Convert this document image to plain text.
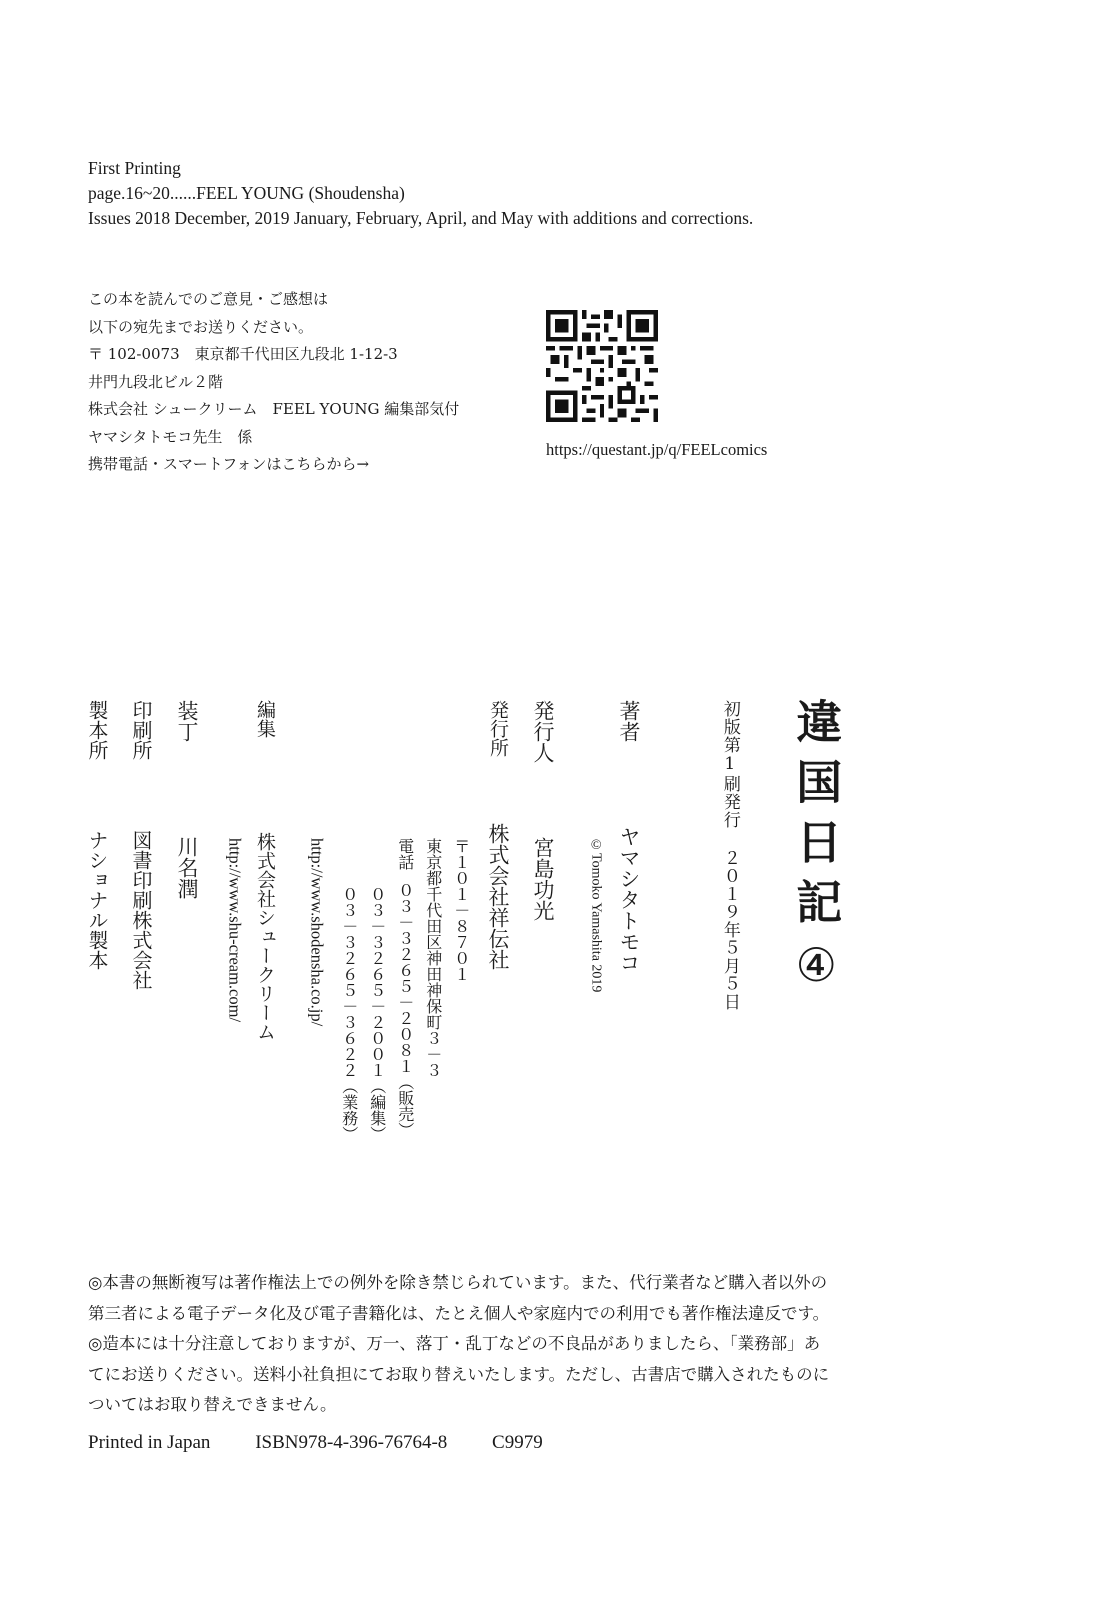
First Printing
page.16~20......FEEL YOUNG (Shoudensha)
Issues 2018 December, 2019 January, February, April, and May with additions and corrections.
この本を読んでのご意見・ご感想は
以下の宛先までお送りください。
〒 102-0073　東京都千代田区九段北 1-12-3
井門九段北ビル２階
株式会社 シュークリーム　FEEL YOUNG 編集部気付
ヤマシタトモコ先生　係
携帯電話・スマートフォンはこちらから→
https://questant.jp/q/FEELcomics
違国日記④
初版第1刷発行２０１９年５月５日
著者ヤマシタトモコ
©Tomoko Yamashita 2019
発行人宮島功光
発行所株式会社祥伝社
〒１０１－８７０１
東京都千代田区神田神保町３－３
電話０３－３２６５－２０８１（販売）
０３－３２６５－２００１（編集）
０３－３２６５－３６２２（業務）
http://www.shodensha.co.jp/
編集株式会社シュークリーム
http://www.shu-cream.com/
装丁川名潤
印刷所図書印刷株式会社
製本所ナショナル製本
◎本書の無断複写は著作権法上での例外を除き禁じられています。また、代行業者など購入者以外の
第三者による電子データ化及び電子書籍化は、たとえ個人や家庭内での利用でも著作権法違反です。
◎造本には十分注意しておりますが、万一、落丁・乱丁などの不良品がありましたら、「業務部」あ
てにお送りください。送料小社負担にてお取り替えいたします。ただし、古書店で購入されたものに
ついてはお取り替えできません。
Printed in Japan ISBN978-4-396-76764-8 C9979
